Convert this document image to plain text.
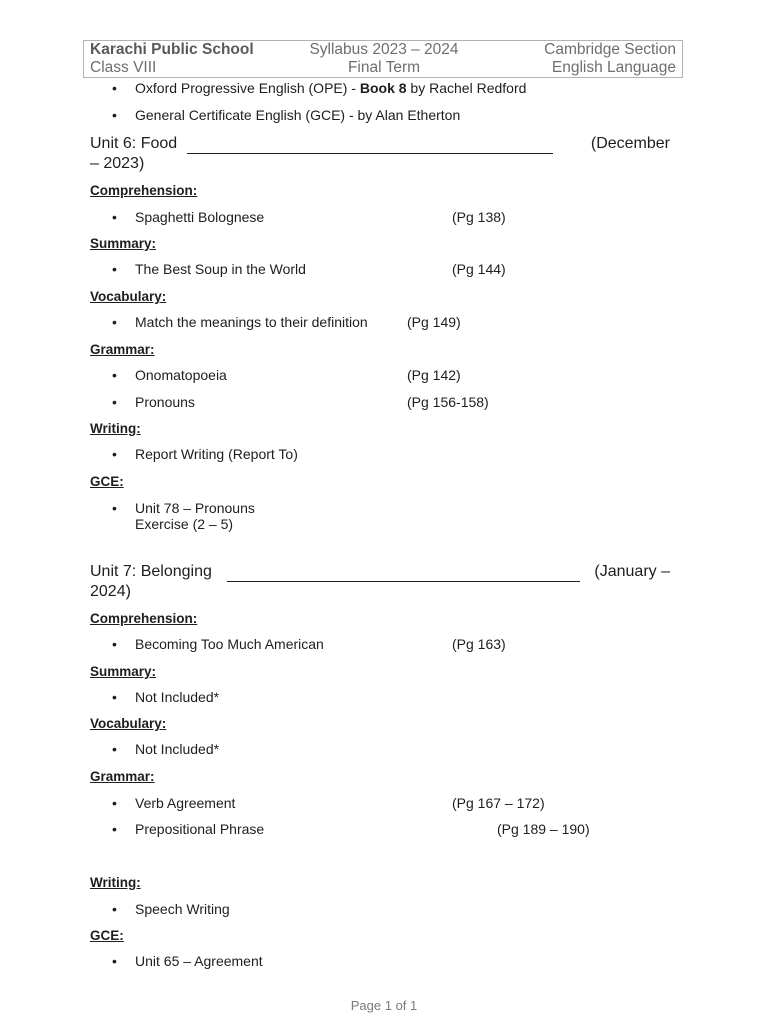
Karachi Public School
Class VIII
Syllabus 2023 – 2024
Final Term
Cambridge Section
English Language
• Oxford Progressive English (OPE) - Book 8 by Rachel Redford
• General Certificate English (GCE) - by Alan Etherton
Unit 6: Food	(December
– 2023)
Comprehension:
• Spaghetti Bolognese	(Pg 138)
Summary:
• The Best Soup in the World	(Pg 144)
Vocabulary:
• Match the meanings to their definition	(Pg 149)
Grammar:
• Onomatopoeia	(Pg 142)
• Pronouns	(Pg 156-158)
Writing:
• Report Writing (Report To)
GCE:
• Unit 78 – Pronouns
Exercise (2 – 5)
Unit 7: Belonging	(January –
2024)
Comprehension:
• Becoming Too Much American	(Pg 163)
Summary:
• Not Included*
Vocabulary:
• Not Included*
Grammar:
• Verb Agreement	(Pg 167 – 172)
• Prepositional Phrase	(Pg 189 – 190)
Writing:
• Speech Writing
GCE:
• Unit 65 – Agreement
Page 1 of 1
